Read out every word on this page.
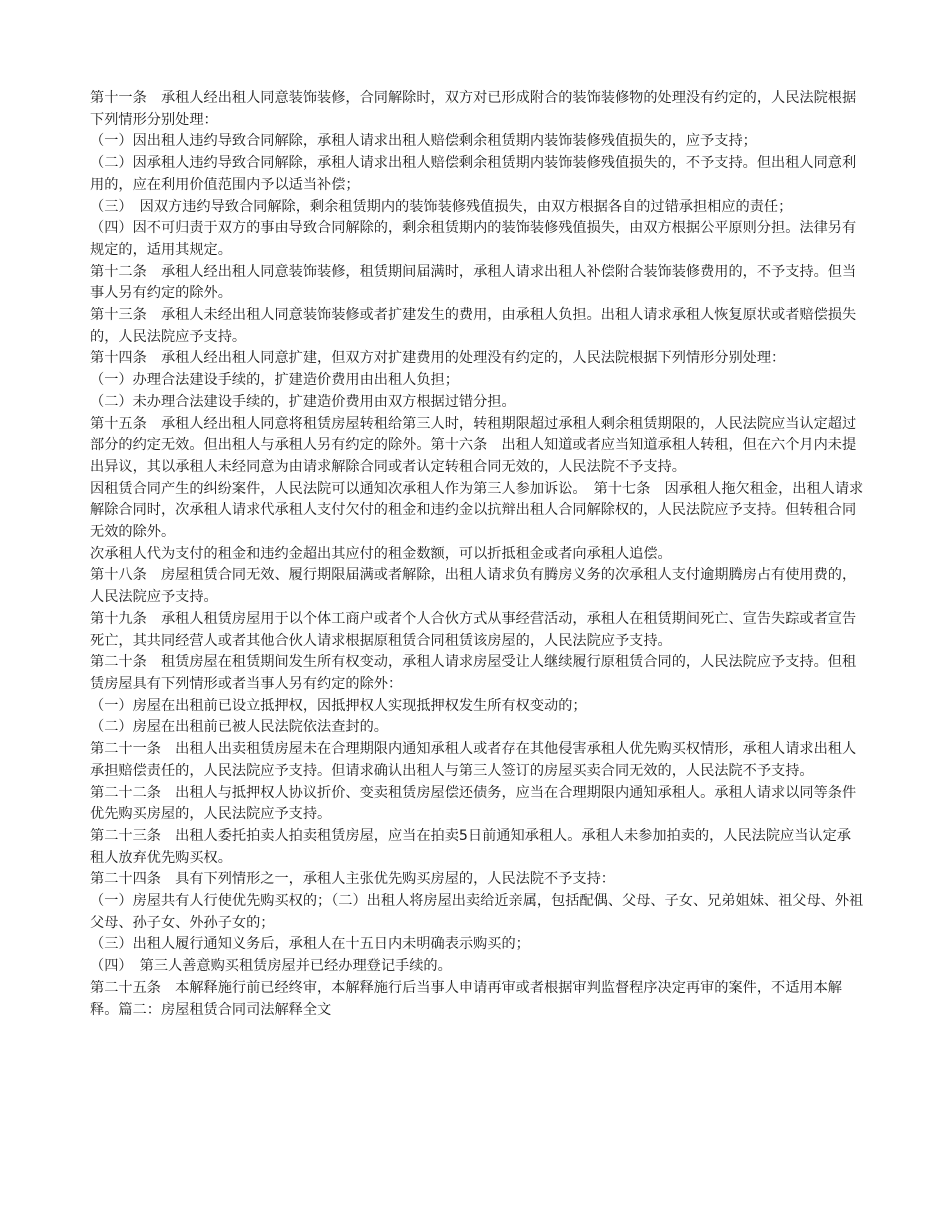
第十一条　承租人经出租人同意装饰装修，合同解除时，双方对已形成附合的装饰装修物的处理没有约定的，人民法院根据下列情形分别处理：

（一）因出租人违约导致合同解除，承租人请求出租人赔偿剩余租赁期内装饰装修残值损失的，应予支持；

（二）因承租人违约导致合同解除，承租人请求出租人赔偿剩余租赁期内装饰装修残值损失的，不予支持。但出租人同意利用的，应在利用价值范围内予以适当补偿；

（三）　因双方违约导致合同解除，剩余租赁期内的装饰装修残值损失，由双方根据各自的过错承担相应的责任；

（四）因不可归责于双方的事由导致合同解除的，剩余租赁期内的装饰装修残值损失，由双方根据公平原则分担。法律另有规定的，适用其规定。

第十二条　承租人经出租人同意装饰装修，租赁期间届满时，承租人请求出租人补偿附合装饰装修费用的，不予支持。但当事人另有约定的除外。

第十三条　承租人未经出租人同意装饰装修或者扩建发生的费用，由承租人负担。出租人请求承租人恢复原状或者赔偿损失的，人民法院应予支持。

第十四条　承租人经出租人同意扩建，但双方对扩建费用的处理没有约定的，人民法院根据下列情形分别处理：

（一）办理合法建设手续的，扩建造价费用由出租人负担；

（二）未办理合法建设手续的，扩建造价费用由双方根据过错分担。

第十五条　承租人经出租人同意将租赁房屋转租给第三人时，转租期限超过承租人剩余租赁期限的，人民法院应当认定超过部分的约定无效。但出租人与承租人另有约定的除外。第十六条　出租人知道或者应当知道承租人转租，但在六个月内未提出异议，其以承租人未经同意为由请求解除合同或者认定转租合同无效的，人民法院不予支持。

因租赁合同产生的纠纷案件，人民法院可以通知次承租人作为第三人参加诉讼。　第十七条　因承租人拖欠租金，出租人请求解除合同时，次承租人请求代承租人支付欠付的租金和违约金以抗辩出租人合同解除权的，人民法院应予支持。但转租合同无效的除外。

次承租人代为支付的租金和违约金超出其应付的租金数额，可以折抵租金或者向承租人追偿。

第十八条　房屋租赁合同无效、履行期限届满或者解除，出租人请求负有腾房义务的次承租人支付逾期腾房占有使用费的，人民法院应予支持。

第十九条　承租人租赁房屋用于以个体工商户或者个人合伙方式从事经营活动，承租人在租赁期间死亡、宣告失踪或者宣告死亡，其共同经营人或者其他合伙人请求根据原租赁合同租赁该房屋的，人民法院应予支持。

第二十条　租赁房屋在租赁期间发生所有权变动，承租人请求房屋受让人继续履行原租赁合同的，人民法院应予支持。但租赁房屋具有下列情形或者当事人另有约定的除外：

（一）房屋在出租前已设立抵押权，因抵押权人实现抵押权发生所有权变动的；

（二）房屋在出租前已被人民法院依法查封的。

第二十一条　出租人出卖租赁房屋未在合理期限内通知承租人或者存在其他侵害承租人优先购买权情形，承租人请求出租人承担赔偿责任的，人民法院应予支持。但请求确认出租人与第三人签订的房屋买卖合同无效的，人民法院不予支持。

第二十二条　出租人与抵押权人协议折价、变卖租赁房屋偿还债务，应当在合理期限内通知承租人。承租人请求以同等条件优先购买房屋的，人民法院应予支持。

第二十三条　出租人委托拍卖人拍卖租赁房屋，应当在拍卖5日前通知承租人。承租人未参加拍卖的，人民法院应当认定承租人放弃优先购买权。

第二十四条　具有下列情形之一，承租人主张优先购买房屋的，人民法院不予支持：

（一）房屋共有人行使优先购买权的；（二）出租人将房屋出卖给近亲属，包括配偶、父母、子女、兄弟姐妹、祖父母、外祖父母、孙子女、外孙子女的；

（三）出租人履行通知义务后，承租人在十五日内未明确表示购买的；

（四）　第三人善意购买租赁房屋并已经办理登记手续的。

第二十五条　本解释施行前已经终审，本解释施行后当事人申请再审或者根据审判监督程序决定再审的案件，不适用本解释。篇二：房屋租赁合同司法解释全文
